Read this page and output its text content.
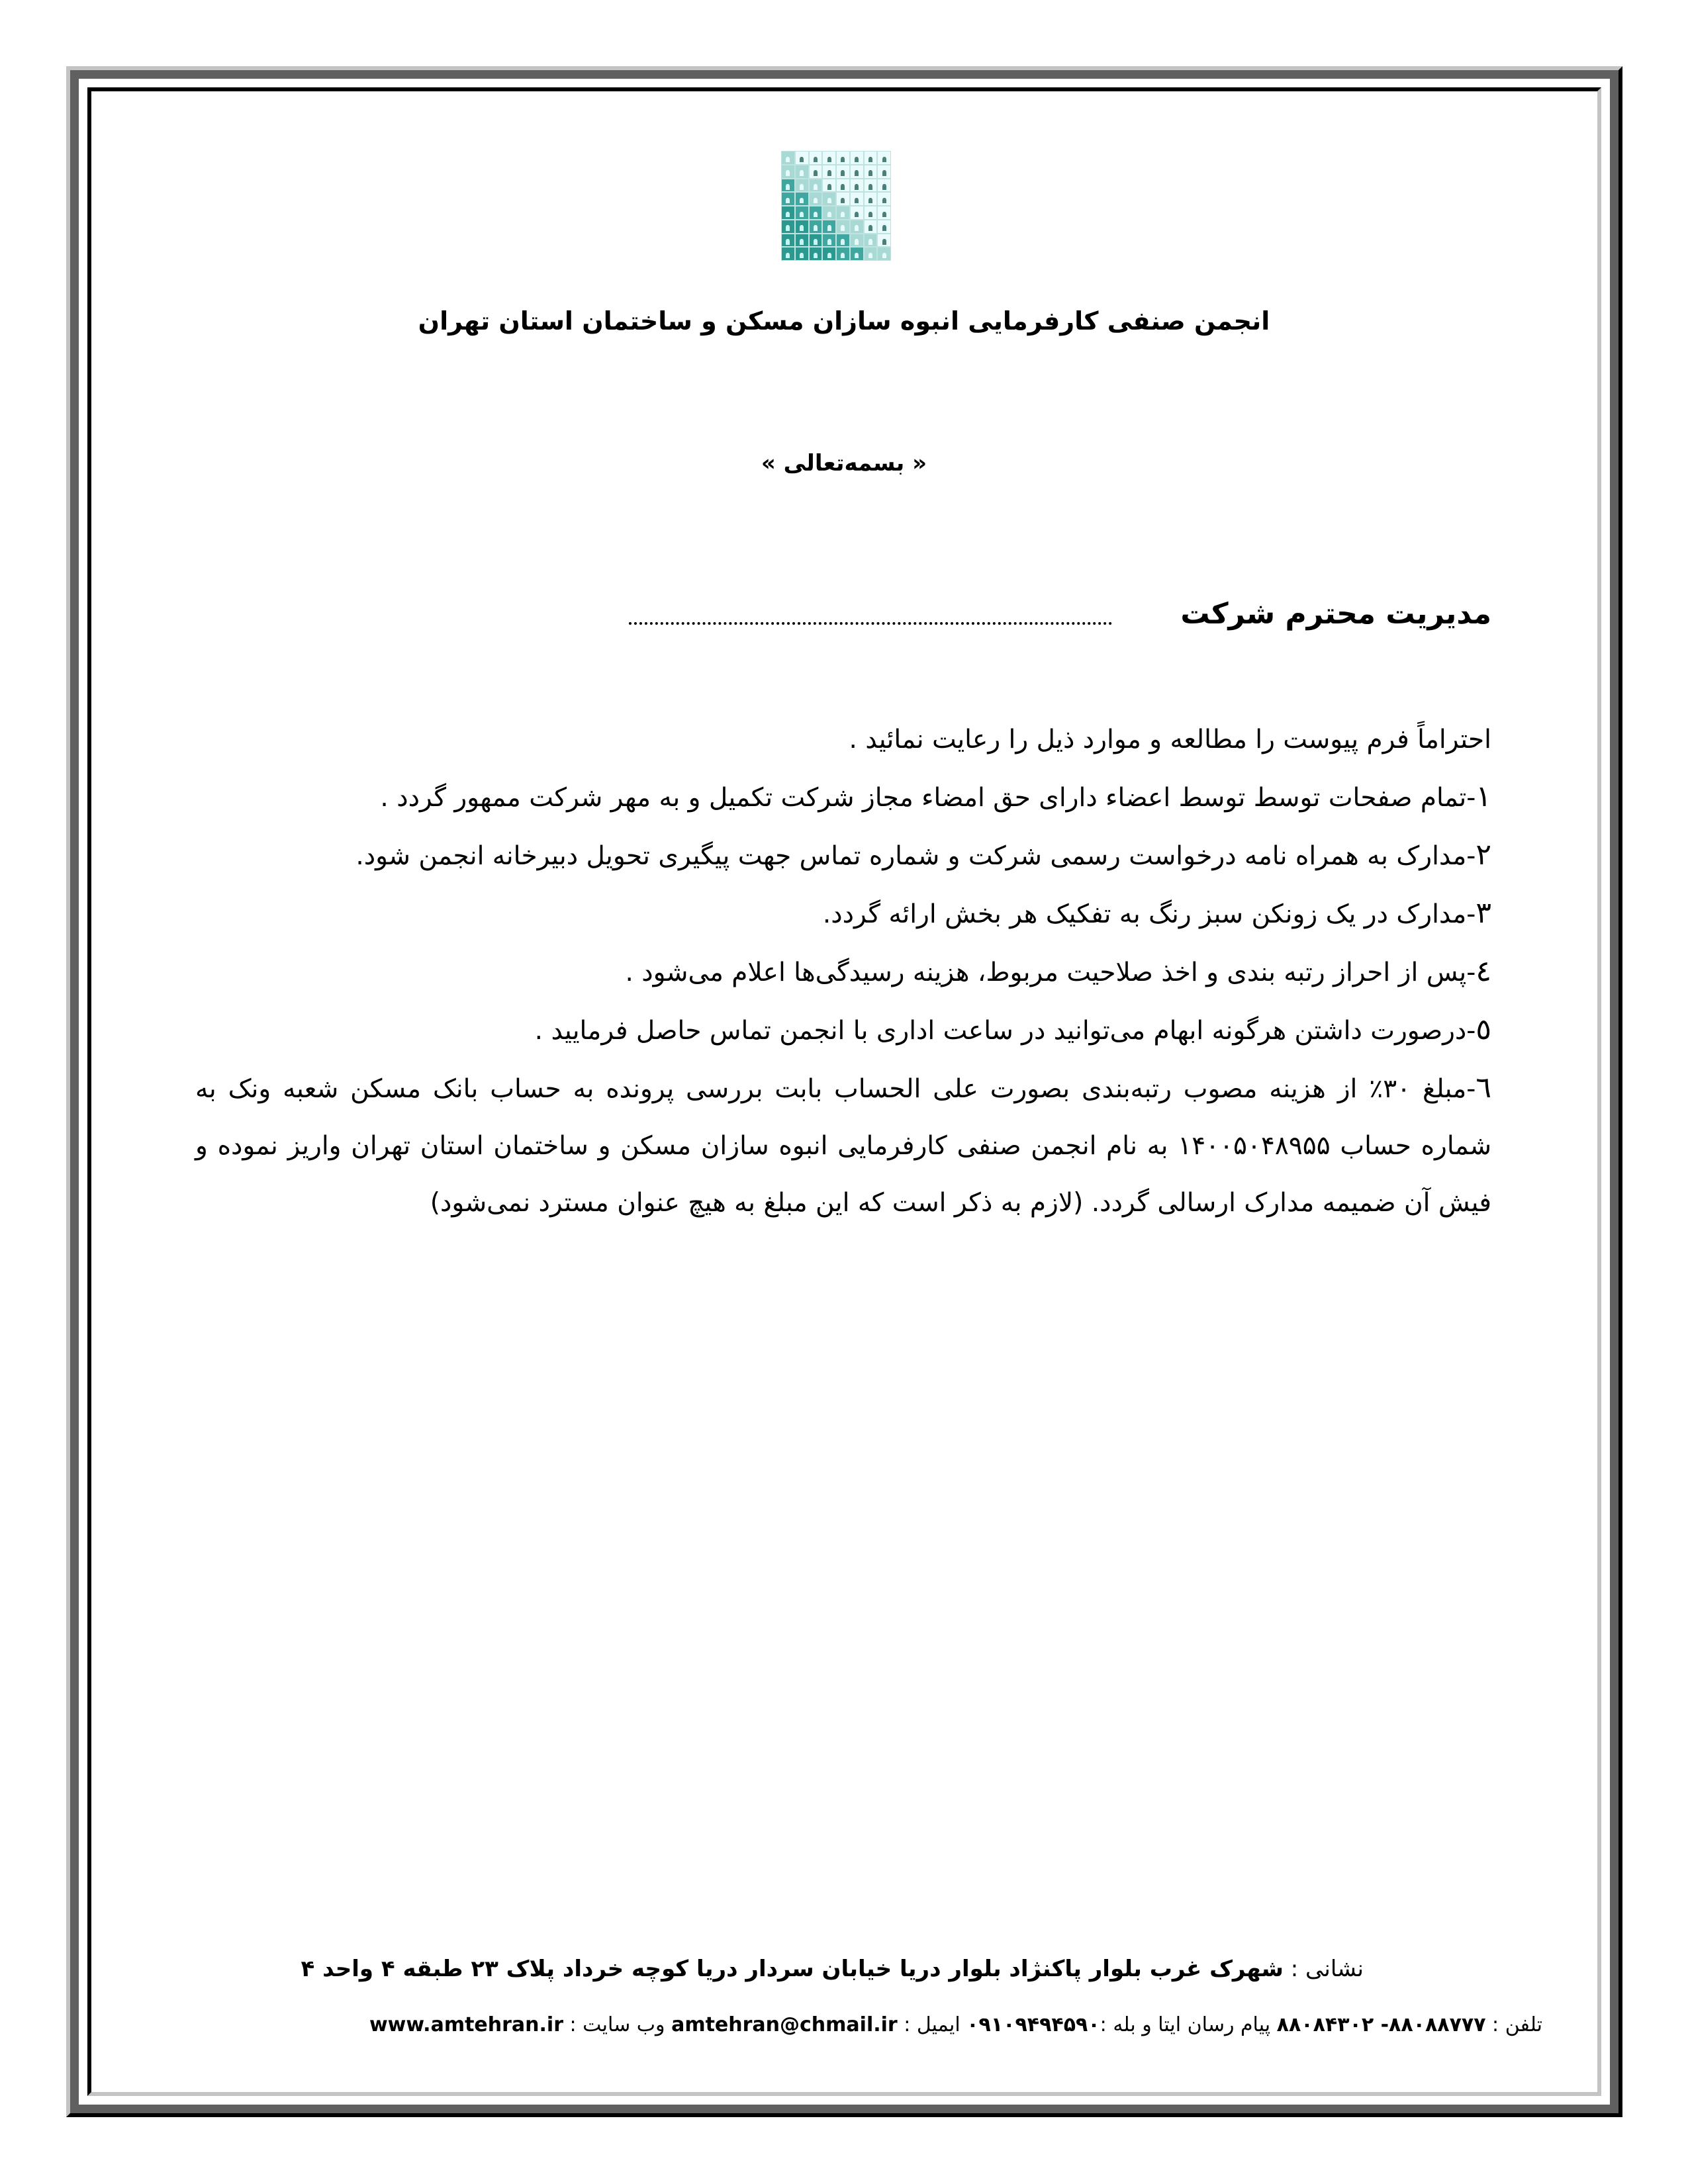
انجمن صنفی کارفرمایی انبوه سازان مسکن و ساختمان استان تهران
« بسمه‌تعالی »
مدیریت محترم شرکت

احتراماً فرم پیوست را مطالعه و موارد ذیل را رعایت نمائید .

١-تمام صفحات توسط توسط اعضاء دارای حق امضاء مجاز شرکت تکمیل و به مهر شرکت ممهور گردد .

٢-مدارک به همراه نامه درخواست رسمی شرکت و شماره تماس جهت پیگیری تحویل دبیرخانه انجمن شود.

٣-مدارک در یک زونکن سبز رنگ به تفکیک هر بخش ارائه گردد.

٤-پس از احراز رتبه بندی و اخذ صلاحیت مربوط، هزینه رسیدگی‌ها اعلام می‌شود .

٥-درصورت داشتن هرگونه ابهام می‌توانید در ساعت اداری با انجمن تماس حاصل فرمایید .

٦-مبلغ ٣٠٪ از هزینه مصوب رتبه‌بندی بصورت علی الحساب بابت بررسی پرونده به حساب بانک مسکن شعبه ونک به شماره حساب ۱۴۰۰۵۰۴۸۹۵۵ به نام انجمن صنفی کارفرمایی انبوه سازان مسکن و ساختمان استان تهران واریز نموده و فیش آن ضمیمه مدارک ارسالی گردد. (لازم به ذکر است که این مبلغ به هیچ عنوان مسترد نمی‌شود)

نشانی : شهرک غرب بلوار پاکنژاد بلوار دریا خیابان سردار دریا کوچه خرداد پلاک ۲۳ طبقه ۴ واحد ۴
تلفن : ۸۸۰۸۸۷۷۷- ۸۸۰۸۴۳۰۲ پیام رسان ایتا و بله :۰۹۱۰۹۴۹۴۵۹۰ ایمیل : amtehran@chmail.ir وب سایت : www.amtehran.ir
